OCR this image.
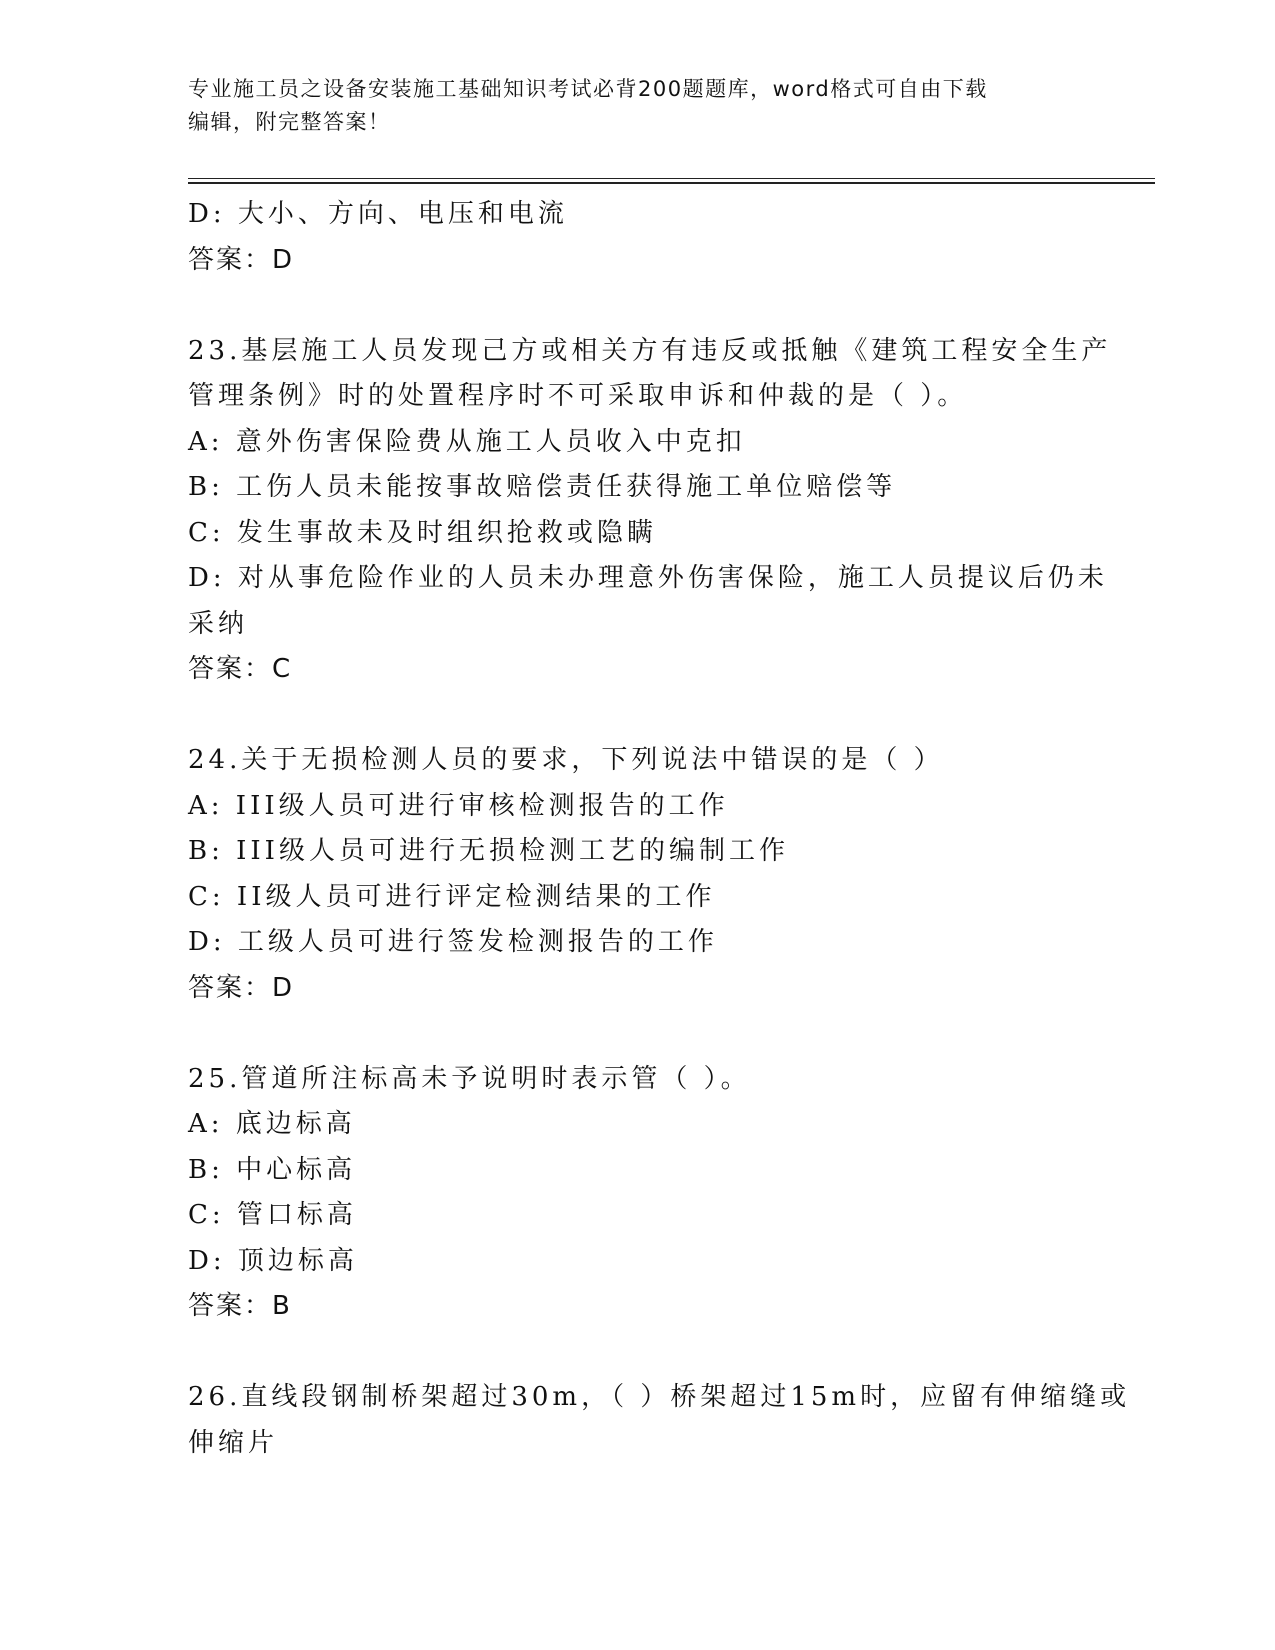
专业施工员之设备安装施工基础知识考试必背200题题库，word格式可自由下载
编辑，附完整答案！
D: 大小、方向、电压和电流
答案：D
23.基层施工人员发现己方或相关方有违反或抵触《建筑工程安全生产
管理条例》时的处置程序时不可采取申诉和仲裁的是（ ）。
A: 意外伤害保险费从施工人员收入中克扣
B: 工伤人员未能按事故赔偿责任获得施工单位赔偿等
C: 发生事故未及时组织抢救或隐瞒
D: 对从事危险作业的人员未办理意外伤害保险，施工人员提议后仍未
采纳
答案：C
24.关于无损检测人员的要求，下列说法中错误的是（ ）
A: III级人员可进行审核检测报告的工作
B: III级人员可进行无损检测工艺的编制工作
C: II级人员可进行评定检测结果的工作
D: 工级人员可进行签发检测报告的工作
答案：D
25.管道所注标高未予说明时表示管（ ）。
A: 底边标高
B: 中心标高
C: 管口标高
D: 顶边标高
答案：B
26.直线段钢制桥架超过30m，（ ）桥架超过15m时，应留有伸缩缝或
伸缩片
